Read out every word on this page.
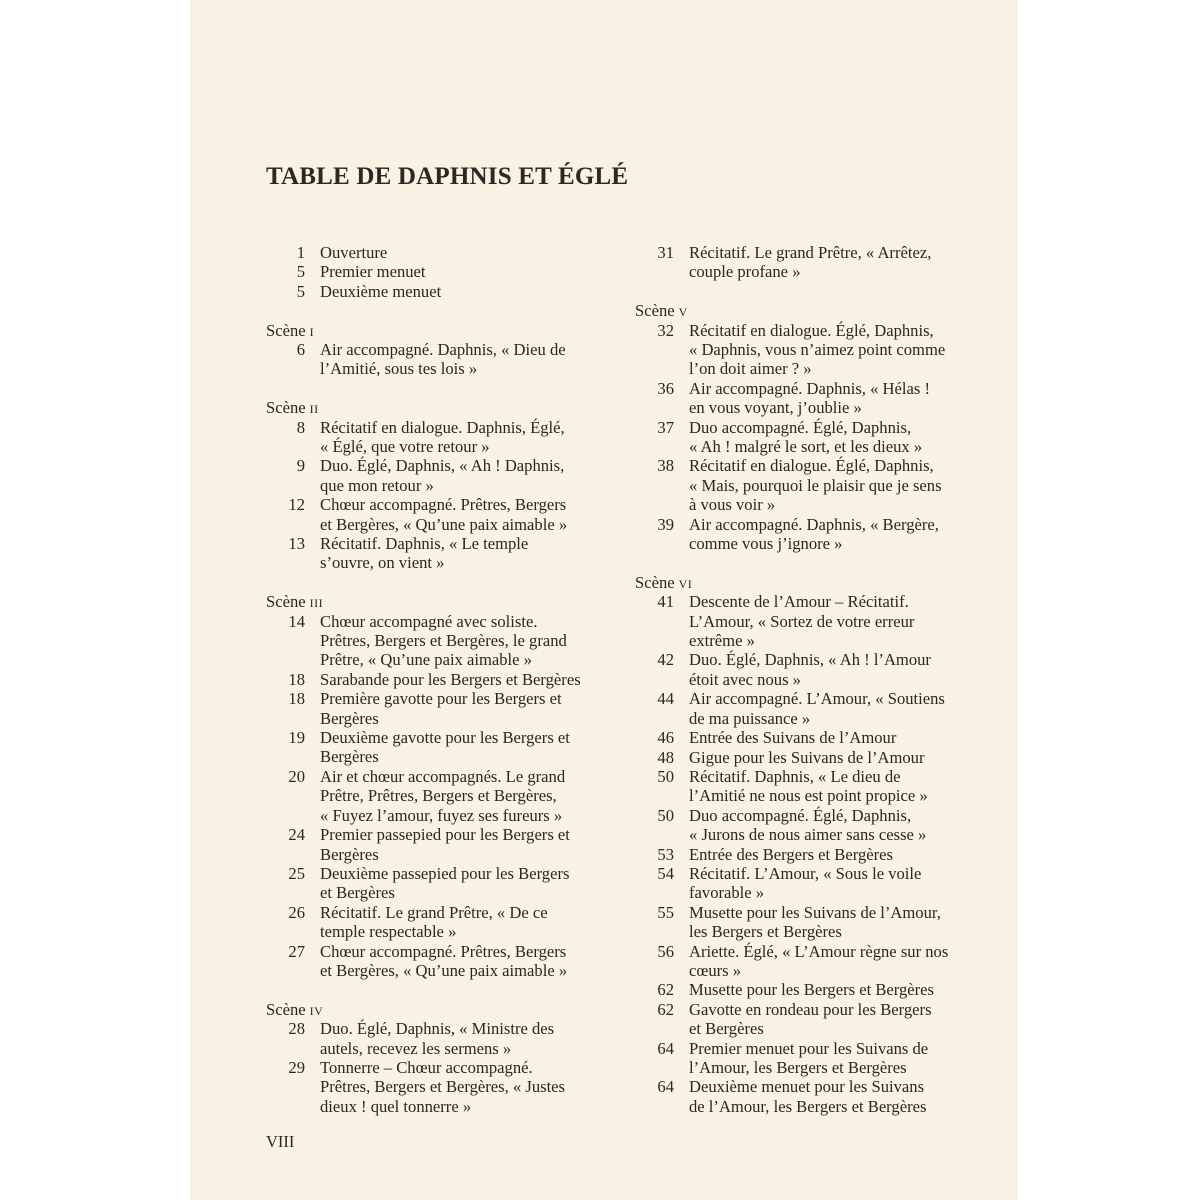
TABLE DE DAPHNIS ET ÉGLÉ
1 Ouverture
5 Premier menuet
5 Deuxième menuet
Scène I
6 Air accompagné. Daphnis, « Dieu de
l’Amitié, sous tes lois »
Scène II
8 Récitatif en dialogue. Daphnis, Églé,
« Églé, que votre retour »
9 Duo. Églé, Daphnis, « Ah ! Daphnis,
que mon retour »
12 Chœur accompagné. Prêtres, Bergers
et Bergères, « Qu’une paix aimable »
13 Récitatif. Daphnis, « Le temple
s’ouvre, on vient »
Scène III
14 Chœur accompagné avec soliste.
Prêtres, Bergers et Bergères, le grand
Prêtre, « Qu’une paix aimable »
18 Sarabande pour les Bergers et Bergères
18 Première gavotte pour les Bergers et
Bergères
19 Deuxième gavotte pour les Bergers et
Bergères
20 Air et chœur accompagnés. Le grand
Prêtre, Prêtres, Bergers et Bergères,
« Fuyez l’amour, fuyez ses fureurs »
24 Premier passepied pour les Bergers et
Bergères
25 Deuxième passepied pour les Bergers
et Bergères
26 Récitatif. Le grand Prêtre, « De ce
temple respectable »
27 Chœur accompagné. Prêtres, Bergers
et Bergères, « Qu’une paix aimable »
Scène IV
28 Duo. Églé, Daphnis, « Ministre des
autels, recevez les sermens »
29 Tonnerre – Chœur accompagné.
Prêtres, Bergers et Bergères, « Justes
dieux ! quel tonnerre »
31 Récitatif. Le grand Prêtre, « Arrêtez,
couple profane »
Scène V
32 Récitatif en dialogue. Églé, Daphnis,
« Daphnis, vous n’aimez point comme
l’on doit aimer ? »
36 Air accompagné. Daphnis, « Hélas !
en vous voyant, j’oublie »
37 Duo accompagné. Églé, Daphnis,
« Ah ! malgré le sort, et les dieux »
38 Récitatif en dialogue. Églé, Daphnis,
« Mais, pourquoi le plaisir que je sens
à vous voir »
39 Air accompagné. Daphnis, « Bergère,
comme vous j’ignore »
Scène VI
41 Descente de l’Amour – Récitatif.
L’Amour, « Sortez de votre erreur
extrême »
42 Duo. Églé, Daphnis, « Ah ! l’Amour
étoit avec nous »
44 Air accompagné. L’Amour, « Soutiens
de ma puissance »
46 Entrée des Suivans de l’Amour
48 Gigue pour les Suivans de l’Amour
50 Récitatif. Daphnis, « Le dieu de
l’Amitié ne nous est point propice »
50 Duo accompagné. Églé, Daphnis,
« Jurons de nous aimer sans cesse »
53 Entrée des Bergers et Bergères
54 Récitatif. L’Amour, « Sous le voile
favorable »
55 Musette pour les Suivans de l’Amour,
les Bergers et Bergères
56 Ariette. Églé, « L’Amour règne sur nos
cœurs »
62 Musette pour les Bergers et Bergères
62 Gavotte en rondeau pour les Bergers
et Bergères
64 Premier menuet pour les Suivans de
l’Amour, les Bergers et Bergères
64 Deuxième menuet pour les Suivans
de l’Amour, les Bergers et Bergères
VIII
